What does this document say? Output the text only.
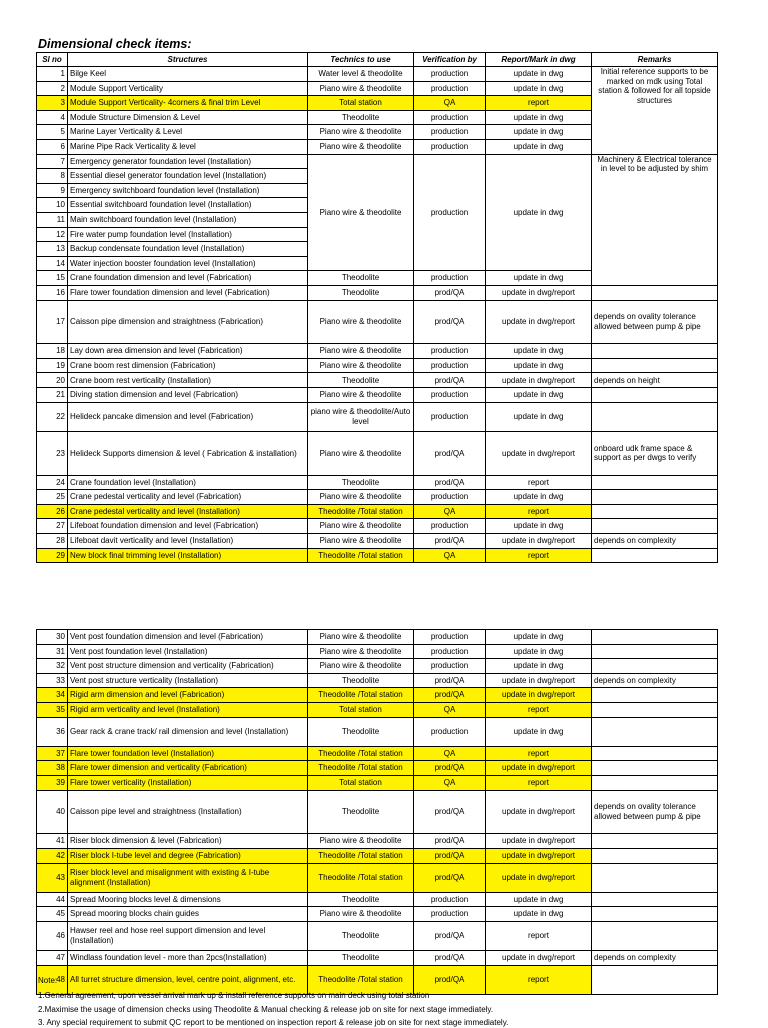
Dimensional check items:
Sl no	Structures	Technics to use	Verification by	Report/Mark in dwg	Remarks
1	Bilge Keel	Water level & theodolite	production	update in dwg	Initial reference supports to be marked on mdk using Total station & followed for all topside structures
2	Module Support Verticality	Piano wire & theodolite	production	update in dwg	
3	Module Support Verticality- 4corners & final trim Level	Total station	QA	report	
4	Module Structure Dimension & Level	Theodolite	production	update in dwg	
5	Marine Layer Verticality & Level	Piano wire & theodolite	production	update in dwg	
6	Marine Pipe Rack Verticality & level	Piano wire & theodolite	production	update in dwg	
7	Emergency generator foundation level (Installation)	Piano wire & theodolite	production	update in dwg	Machinery & Electrical tolerance in level to be adjusted by shim
8	Essential diesel generator foundation level (Installation)				
9	Emergency switchboard foundation level (Installation)				
10	Essential switchboard foundation level (Installation)				
11	Main switchboard foundation level (Installation)				
12	Fire water pump foundation level (Installation)				
13	Backup condensate foundation level (Installation)				
14	Water injection booster foundation level (Installation)				
15	Crane foundation dimension and level (Fabrication)	Theodolite	production	update in dwg	
16	Flare tower foundation dimension and level (Fabrication)	Theodolite	prod/QA	update in dwg/report	
17	Caisson pipe dimension and straightness (Fabrication)	Piano wire & theodolite	prod/QA	update in dwg/report	depends on ovality tolerance allowed between pump & pipe
18	Lay down area dimension and level (Fabrication)	Piano wire & theodolite	production	update in dwg	
19	Crane boom rest dimension (Fabrication)	Piano wire & theodolite	production	update in dwg	
20	Crane boom rest verticality (Installation)	Theodolite	prod/QA	update in dwg/report	depends on height
21	Diving station dimension and level (Fabrication)	Piano wire & theodolite	production	update in dwg	
22	Helideck pancake dimension and level (Fabrication)	piano wire & theodolite/Auto level	production	update in dwg	
23	Helideck Supports dimension & level ( Fabrication & installation)	Piano wire & theodolite	prod/QA	update in dwg/report	onboard udk frame space & support as per dwgs to verify
24	Crane foundation level (Installation)	Theodolite	prod/QA	report	
25	Crane pedestal verticality and level (Fabrication)	Piano wire & theodolite	production	update in dwg	
26	Crane pedestal verticality and level (Installation)	Theodolite /Total station	QA	report	
27	Lifeboat foundation dimension and level (Fabrication)	Piano wire & theodolite	production	update in dwg	
28	Lifeboat davit verticality and level (Installation)	Piano wire & theodolite	prod/QA	update in dwg/report	depends on complexity
29	New block final trimming level (Installation)	Theodolite /Total station	QA	report	
30	Vent post foundation dimension and level (Fabrication)	Piano wire & theodolite	production	update in dwg	
31	Vent post foundation level (Installation)	Piano wire & theodolite	production	update in dwg	
32	Vent post structure dimension and verticality (Fabrication)	Piano wire & theodolite	production	update in dwg	
33	Vent post structure verticality (Installation)	Theodolite	prod/QA	update in dwg/report	depends on complexity
34	Rigid arm dimension and level (Fabrication)	Theodolite /Total station	prod/QA	update in dwg/report	
35	Rigid arm verticality and level (Installation)	Total station	QA	report	
36	Gear rack & crane track/ rail dimension and level (Installation)	Theodolite	production	update in dwg	
37	Flare tower foundation level (Installation)	Theodolite /Total station	QA	report	
38	Flare tower dimension and verticality (Fabrication)	Theodolite /Total station	prod/QA	update in dwg/report	
39	Flare tower verticality (Installation)	Total station	QA	report	
40	Caisson pipe level and straightness (Installation)	Theodolite	prod/QA	update in dwg/report	depends on ovality tolerance allowed between pump & pipe
41	Riser block dimension & level (Fabrication)	Piano wire & theodolite	prod/QA	update in dwg/report	
42	Riser block I-tube level and degree (Fabrication)	Theodolite /Total station	prod/QA	update in dwg/report	
43	Riser block level and misalignment with existing & I-tube alignment (Installation)	Theodolite /Total station	prod/QA	update in dwg/report	
44	Spread Mooring blocks level & dimensions	Theodolite	production	update in dwg	
45	Spread mooring blocks chain guides	Piano wire & theodolite	production	update in dwg	
46	Hawser reel and hose reel support dimension and level (Installation)	Theodolite	prod/QA	report	
47	Windlass foundation level - more than 2pcs(Installation)	Theodolite	prod/QA	update in dwg/report	depends on complexity
48	All turret structure dimension, level, centre point, alignment, etc.	Theodolite /Total station	prod/QA	report	
Note:
1.General agreement, upon vessel arrival mark up & install reference supports on main deck using total station
2.Maximise the usage of dimension checks using Theodolite & Manual checking & release job on site for next stage immediately.
3. Any special requirement to submit QC report to be mentioned on inspection report & release job on site for next stage immediately.
